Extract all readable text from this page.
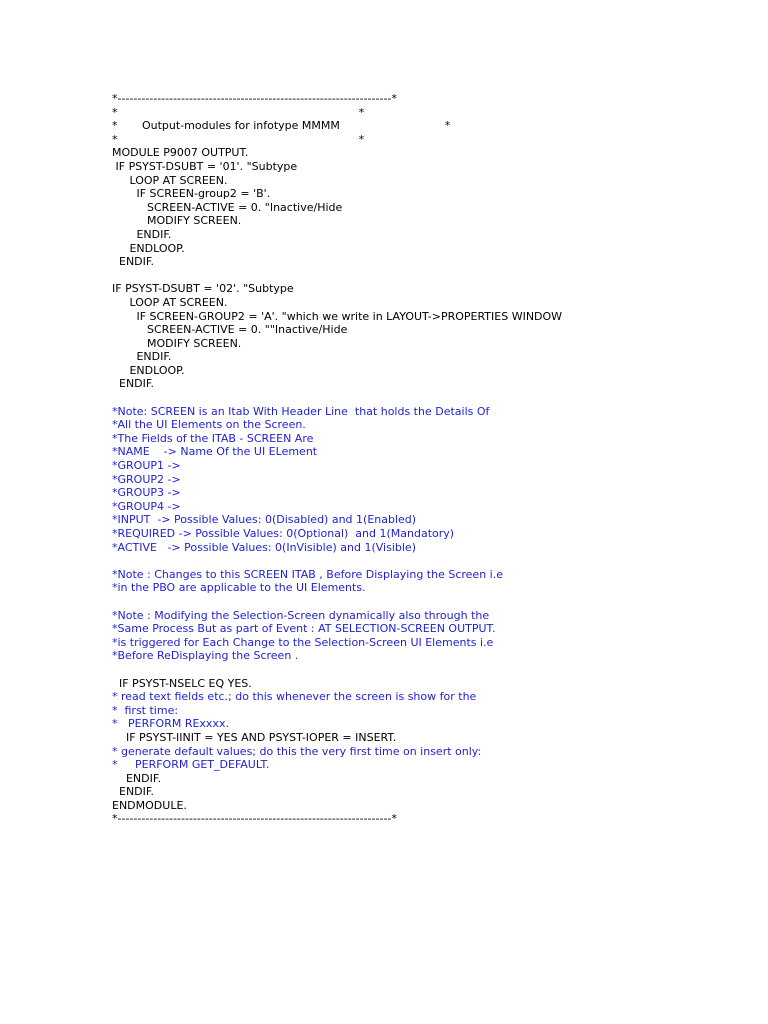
*---------------------------------------------------------------------*
*                                                                     *
*       Output-modules for infotype MMMM                              *
*                                                                     *
MODULE P9007 OUTPUT.
IF PSYST-DSUBT = '01'. "Subtype
LOOP AT SCREEN.
IF SCREEN-group2 = 'B'.
SCREEN-ACTIVE = 0. "Inactive/Hide
MODIFY SCREEN.
ENDIF.
ENDLOOP.
ENDIF.
IF PSYST-DSUBT = '02'. "Subtype
LOOP AT SCREEN.
IF SCREEN-GROUP2 = 'A'. "which we write in LAYOUT->PROPERTIES WINDOW
SCREEN-ACTIVE = 0. ""Inactive/Hide
MODIFY SCREEN.
ENDIF.
ENDLOOP.
ENDIF.
*Note: SCREEN is an Itab With Header Line  that holds the Details Of
*All the UI Elements on the Screen.
*The Fields of the ITAB - SCREEN Are
*NAME    -> Name Of the UI ELement
*GROUP1 ->
*GROUP2 ->
*GROUP3 ->
*GROUP4 ->
*INPUT  -> Possible Values: 0(Disabled) and 1(Enabled)
*REQUIRED -> Possible Values: 0(Optional)  and 1(Mandatory)
*ACTIVE   -> Possible Values: 0(InVisible) and 1(Visible)
*Note : Changes to this SCREEN ITAB , Before Displaying the Screen i.e
*in the PBO are applicable to the UI Elements.
*Note : Modifying the Selection-Screen dynamically also through the
*Same Process But as part of Event : AT SELECTION-SCREEN OUTPUT.
*is triggered for Each Change to the Selection-Screen UI Elements i.e
*Before ReDisplaying the Screen .
IF PSYST-NSELC EQ YES.
* read text fields etc.; do this whenever the screen is show for the
*  first time:
*   PERFORM RExxxx.
IF PSYST-IINIT = YES AND PSYST-IOPER = INSERT.
* generate default values; do this the very first time on insert only:
*     PERFORM GET_DEFAULT.
ENDIF.
ENDIF.
ENDMODULE.
*---------------------------------------------------------------------*
